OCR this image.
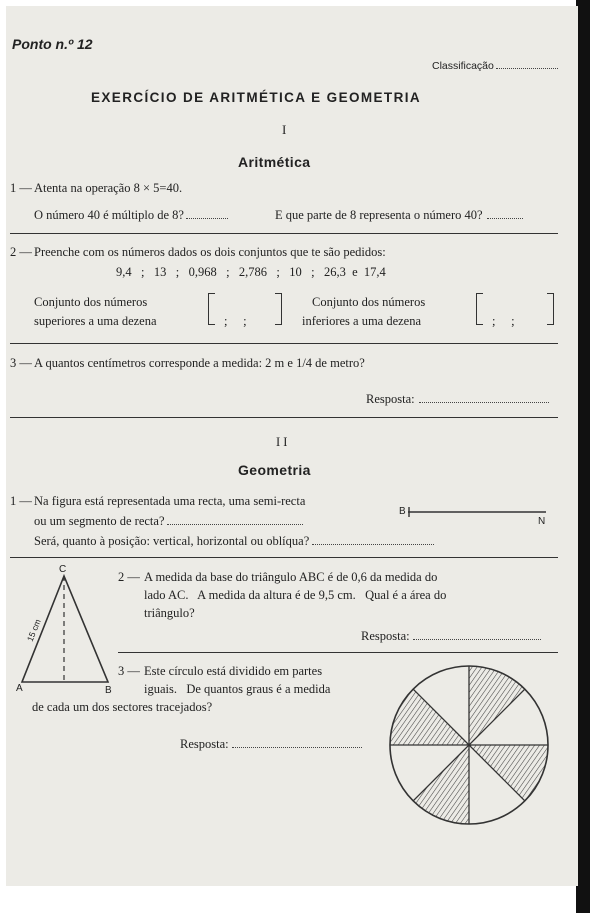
Ponto n.º 12
Classificação
EXERCÍCIO DE ARITMÉTICA E GEOMETRIA
I
Aritmética
1 — Atenta na operação 8 × 5=40.
O número 40 é múltiplo de 8?	E que parte de 8 representa o número 40?
2 — Preenche com os números dados os dois conjuntos que te são pedidos:
9,4   ;   13   ;   0,968   ;   2,786   ;   10   ;   26,3  e  17,4
Conjunto dos números
superiores a uma dezena	;     ;
Conjunto dos números
inferiores a uma dezena	;     ;
3 — A quantos centímetros corresponde a medida: 2 m e 1/4 de metro?
Resposta:
I I
Geometria
1 — Na figura está representada uma recta, uma semi-recta
ou um segmento de recta?
Será, quanto à posição: vertical, horizontal ou oblíqua?
B
N
C
A	B
15 cm
2 — A medida da base do triângulo ABC é de 0,6 da medida do
lado AC.   A medida da altura é de 9,5 cm.   Qual é a área do
triângulo?
Resposta:
3 — Este círculo está dividido em partes
iguais.   De quantos graus é a medida
de cada um dos sectores tracejados?
Resposta:
